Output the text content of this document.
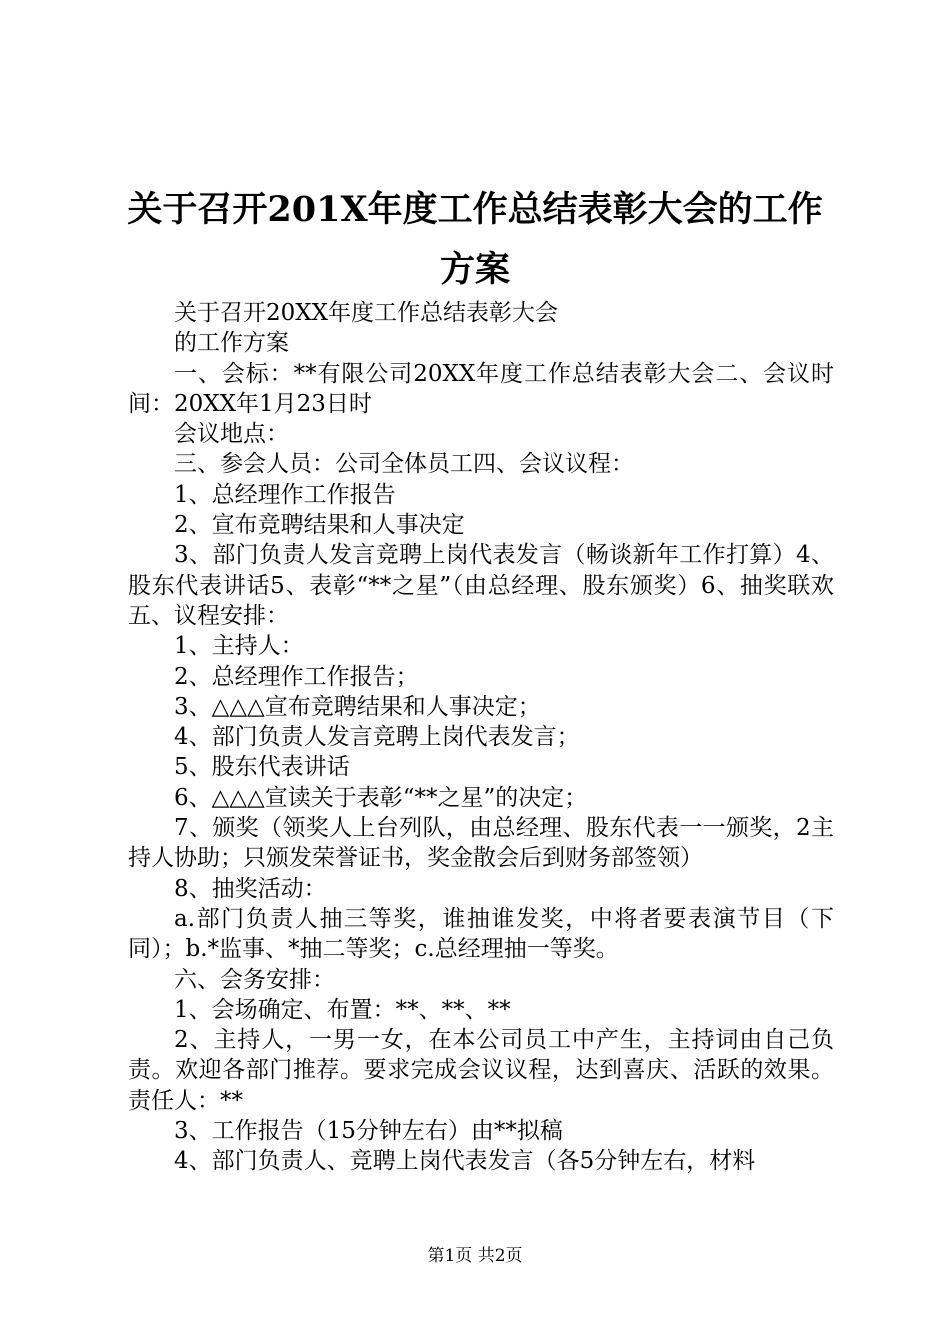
关于召开201X年度工作总结表彰大会的工作
方案

关于召开20XX年度工作总结表彰大会

的工作方案

一、会标：**有限公司20XX年度工作总结表彰大会二、会议时间：20XX年1月23日时

会议地点：

三、参会人员：公司全体员工四、会议议程：

1、总经理作工作报告

2、宣布竞聘结果和人事决定

3、部门负责人发言竞聘上岗代表发言（畅谈新年工作打算）4、股东代表讲话5、表彰“**之星”（由总经理、股东颁奖）6、抽奖联欢五、议程安排：

1、主持人：

2、总经理作工作报告；

3、△△△宣布竞聘结果和人事决定；

4、部门负责人发言竞聘上岗代表发言；

5、股东代表讲话

6、△△△宣读关于表彰“**之星”的决定；

7、颁奖（领奖人上台列队，由总经理、股东代表一一颁奖，2主持人协助；只颁发荣誉证书，奖金散会后到财务部签领）

8、抽奖活动：

a.部门负责人抽三等奖，谁抽谁发奖，中将者要表演节目（下同）；b.*监事、*抽二等奖；c.总经理抽一等奖。

六、会务安排：

1、会场确定、布置：**、**、**

2、主持人，一男一女，在本公司员工中产生，主持词由自己负责。欢迎各部门推荐。要求完成会议议程，达到喜庆、活跃的效果。责任人：**

3、工作报告（15分钟左右）由**拟稿

4、部门负责人、竞聘上岗代表发言（各5分钟左右，材料

第1页 共2页
